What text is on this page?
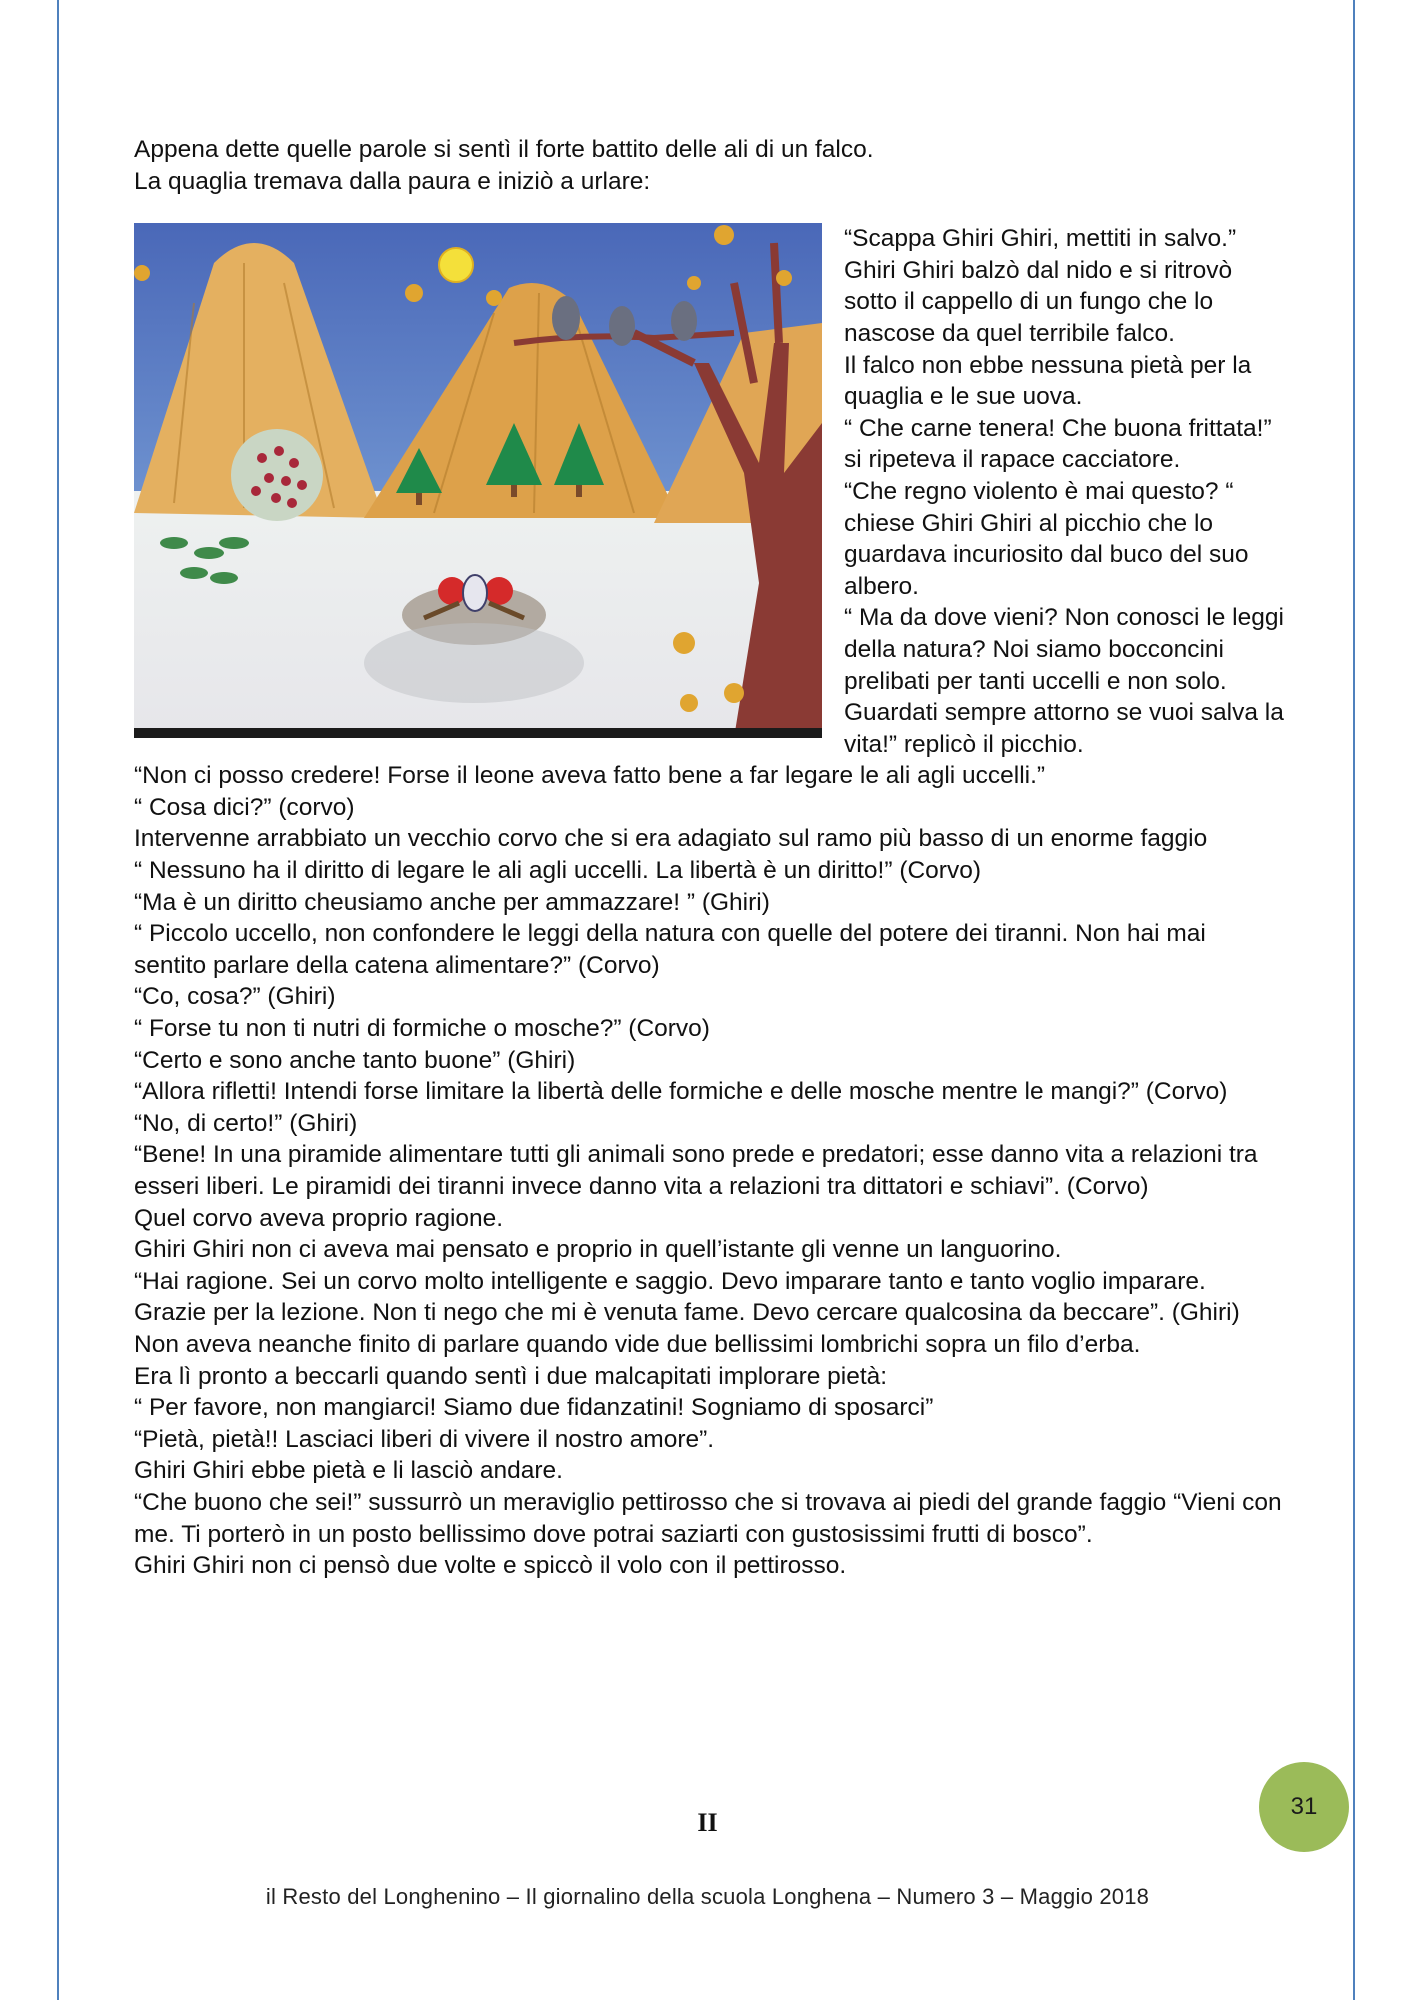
Appena dette quelle parole si sentì il forte battito delle ali di un falco.

La quaglia tremava dalla paura e iniziò a urlare:

“Scappa Ghiri Ghiri, mettiti in salvo.”

Ghiri Ghiri balzò dal nido e si ritrovò sotto il cappello di un fungo che lo nascose da quel terribile falco.

Il falco non ebbe nessuna pietà per la quaglia e le sue uova.

“ Che carne tenera! Che buona frittata!” si ripeteva il rapace cacciatore.

“Che regno violento è mai questo? “ chiese Ghiri Ghiri al picchio che lo guardava incuriosito dal buco del suo albero.

“ Ma da dove vieni? Non conosci le leggi della natura? Noi siamo bocconcini prelibati per tanti uccelli e non solo. Guardati sempre attorno se vuoi salva la vita!” replicò il picchio.

“Non ci posso credere! Forse il leone aveva fatto bene a far legare le ali agli uccelli.”

“ Cosa dici?” (corvo)

Intervenne arrabbiato un vecchio corvo che si era adagiato sul ramo più basso di un enorme faggio

“ Nessuno ha il diritto di legare le ali agli uccelli. La libertà è un diritto!” (Corvo)

“Ma è un diritto cheusiamo anche per ammazzare! ” (Ghiri)

“ Piccolo uccello, non confondere le leggi della natura con quelle del potere dei tiranni. Non hai mai sentito parlare della catena alimentare?” (Corvo)

“Co, cosa?” (Ghiri)

“ Forse tu non ti nutri di formiche o mosche?” (Corvo)

“Certo e sono anche tanto buone” (Ghiri)

“Allora rifletti! Intendi forse limitare la libertà delle formiche e delle mosche mentre le mangi?” (Corvo)

“No, di certo!” (Ghiri)

“Bene! In una piramide alimentare tutti gli animali sono prede e predatori; esse danno vita a relazioni tra esseri liberi. Le piramidi dei tiranni invece danno vita a relazioni tra dittatori e schiavi”. (Corvo)

Quel corvo aveva proprio ragione.

Ghiri Ghiri non ci aveva mai pensato e proprio in quell’istante gli venne un languorino.

“Hai ragione. Sei un corvo molto intelligente e saggio. Devo imparare tanto e tanto voglio imparare. Grazie per la lezione. Non ti nego che mi è venuta fame. Devo cercare qualcosina da beccare”. (Ghiri)

Non aveva neanche finito di parlare quando vide due bellissimi lombrichi sopra un filo d’erba.

Era lì pronto a beccarli quando sentì i due malcapitati implorare pietà:

“ Per favore, non mangiarci! Siamo due fidanzatini! Sogniamo di sposarci”

“Pietà, pietà!! Lasciaci liberi di vivere il nostro amore”.

Ghiri Ghiri ebbe pietà e li lasciò andare.

“Che buono che sei!” sussurrò un meraviglio pettirosso che si trovava ai piedi del grande faggio “Vieni con me. Ti porterò in un posto bellissimo dove potrai saziarti con gustosissimi frutti di bosco”.

Ghiri Ghiri non ci pensò due volte e spiccò il volo con il pettirosso.

II
il Resto del Longhenino – Il giornalino della scuola Longhena – Numero 3 – Maggio 2018
31
